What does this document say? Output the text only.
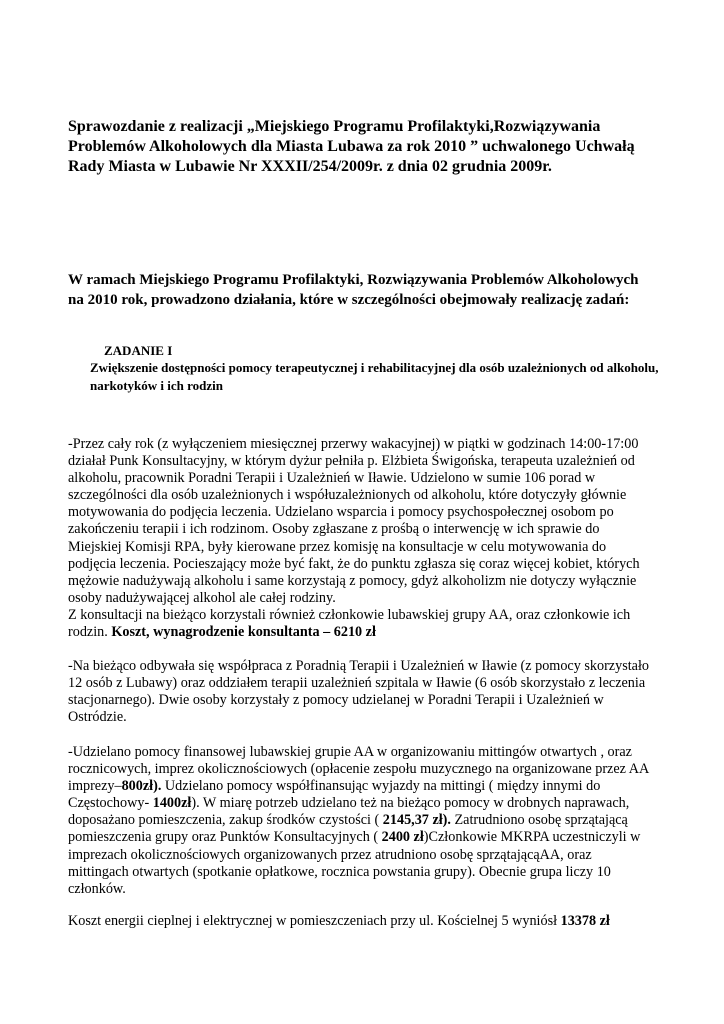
Sprawozdanie z realizacji „Miejskiego Programu Profilaktyki,Rozwiązywania Problemów Alkoholowych dla Miasta Lubawa za rok 2010 ” uchwalonego Uchwałą Rady Miasta w Lubawie Nr XXXII/254/2009r. z dnia 02 grudnia 2009r.
W ramach Miejskiego Programu Profilaktyki, Rozwiązywania Problemów Alkoholowych na 2010 rok, prowadzono działania, które w szczególności obejmowały realizację zadań:
ZADANIE I
Zwiększenie dostępności pomocy terapeutycznej i rehabilitacyjnej dla osób uzależnionych od alkoholu, narkotyków i ich rodzin
-Przez cały rok (z wyłączeniem miesięcznej przerwy wakacyjnej) w piątki w godzinach 14:00-17:00 działał Punk Konsultacyjny, w którym dyżur pełniła p. Elżbieta Świgońska, terapeuta uzależnień od alkoholu, pracownik Poradni Terapii i Uzależnień w Iławie. Udzielono w sumie 106 porad w szczególności dla osób uzależnionych i współuzależnionych od alkoholu, które dotyczyły głównie motywowania do podjęcia leczenia. Udzielano wsparcia i pomocy psychospołecznej osobom po zakończeniu terapii i ich rodzinom. Osoby zgłaszane z prośbą o interwencję w ich sprawie do Miejskiej Komisji RPA, były kierowane przez komisję na konsultacje w celu motywowania do podjęcia leczenia. Pocieszający może być fakt, że do punktu zgłasza się coraz więcej kobiet, których mężowie nadużywają alkoholu i same korzystają z pomocy, gdyż alkoholizm nie dotyczy wyłącznie osoby nadużywającej alkohol ale całej rodziny.
Z konsultacji na bieżąco korzystali również członkowie lubawskiej grupy AA, oraz członkowie ich rodzin. Koszt, wynagrodzenie konsultanta – 6210 zł
-Na bieżąco odbywała się współpraca z Poradnią Terapii i Uzależnień w Iławie (z pomocy skorzystało 12 osób z Lubawy) oraz oddziałem terapii uzależnień szpitala w Iławie (6 osób skorzystało z leczenia stacjonarnego). Dwie osoby korzystały z pomocy udzielanej w Poradni Terapii i Uzależnień w Ostródzie.
-Udzielano pomocy finansowej lubawskiej grupie AA w organizowaniu mittingów otwartych , oraz rocznicowych, imprez okolicznościowych (opłacenie zespołu muzycznego na organizowane przez AA imprezy–800zł). Udzielano pomocy współfinansując wyjazdy na mittingi ( między innymi do Częstochowy- 1400zł). W miarę potrzeb udzielano też na bieżąco pomocy w drobnych naprawach, doposażano pomieszczenia, zakup środków czystości ( 2145,37 zł). Zatrudniono osobę sprzątającą pomieszczenia grupy oraz Punktów Konsultacyjnych ( 2400 zł)Członkowie MKRPA uczestniczyli w imprezach okolicznościowych organizowanych przez atrudniono osobę sprzątającąAA, oraz mittingach otwartych (spotkanie opłatkowe, rocznica powstania grupy). Obecnie grupa liczy 10 członków.
Koszt energii cieplnej i elektrycznej w pomieszczeniach przy ul. Kościelnej 5 wyniósł 13378 zł
